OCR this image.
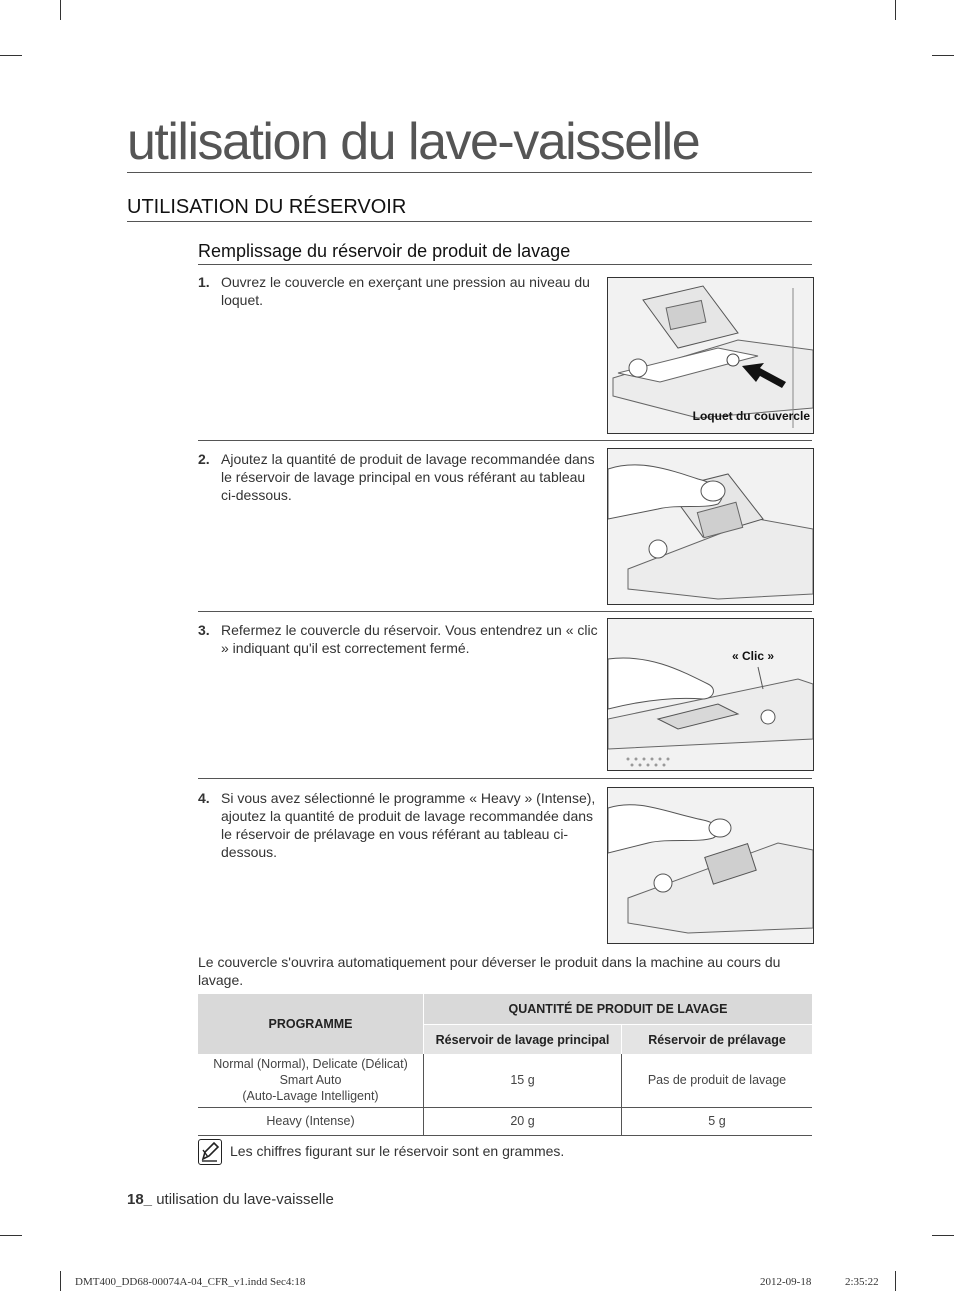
utilisation du lave-vaisselle
UTILISATION DU RÉSERVOIR
Remplissage du réservoir de produit de lavage
1. Ouvrez le couvercle en exerçant une pression au niveau du loquet.
Loquet du couvercle
2. Ajoutez la quantité de produit de lavage recommandée dans le réservoir de lavage principal en vous référant au tableau ci-dessous.
3. Refermez le couvercle du réservoir. Vous entendrez un « clic » indiquant qu'il est correctement fermé.	« Clic »
4. Si vous avez sélectionné le programme « Heavy » (Intense), ajoutez la quantité de produit de lavage recommandée dans le réservoir de prélavage en vous référant au tableau ci-dessous.
Le couvercle s'ouvrira automatiquement pour déverser le produit dans la machine au cours du lavage.
PROGRAMME	QUANTITÉ DE PRODUIT DE LAVAGE	
	Réservoir de lavage principal	Réservoir de prélavage

Normal (Normal), Delicate (Délicat)
Smart Auto
(Auto-Lavage Intelligent)	15 g	Pas de produit de lavage

Heavy (Intense)	20 g	5 g
Les chiffres figurant sur le réservoir sont en grammes.
18_ utilisation du lave-vaisselle
DMT400_DD68-00074A-04_CFR_v1.indd Sec4:18	2012-09-18	2:35:22
